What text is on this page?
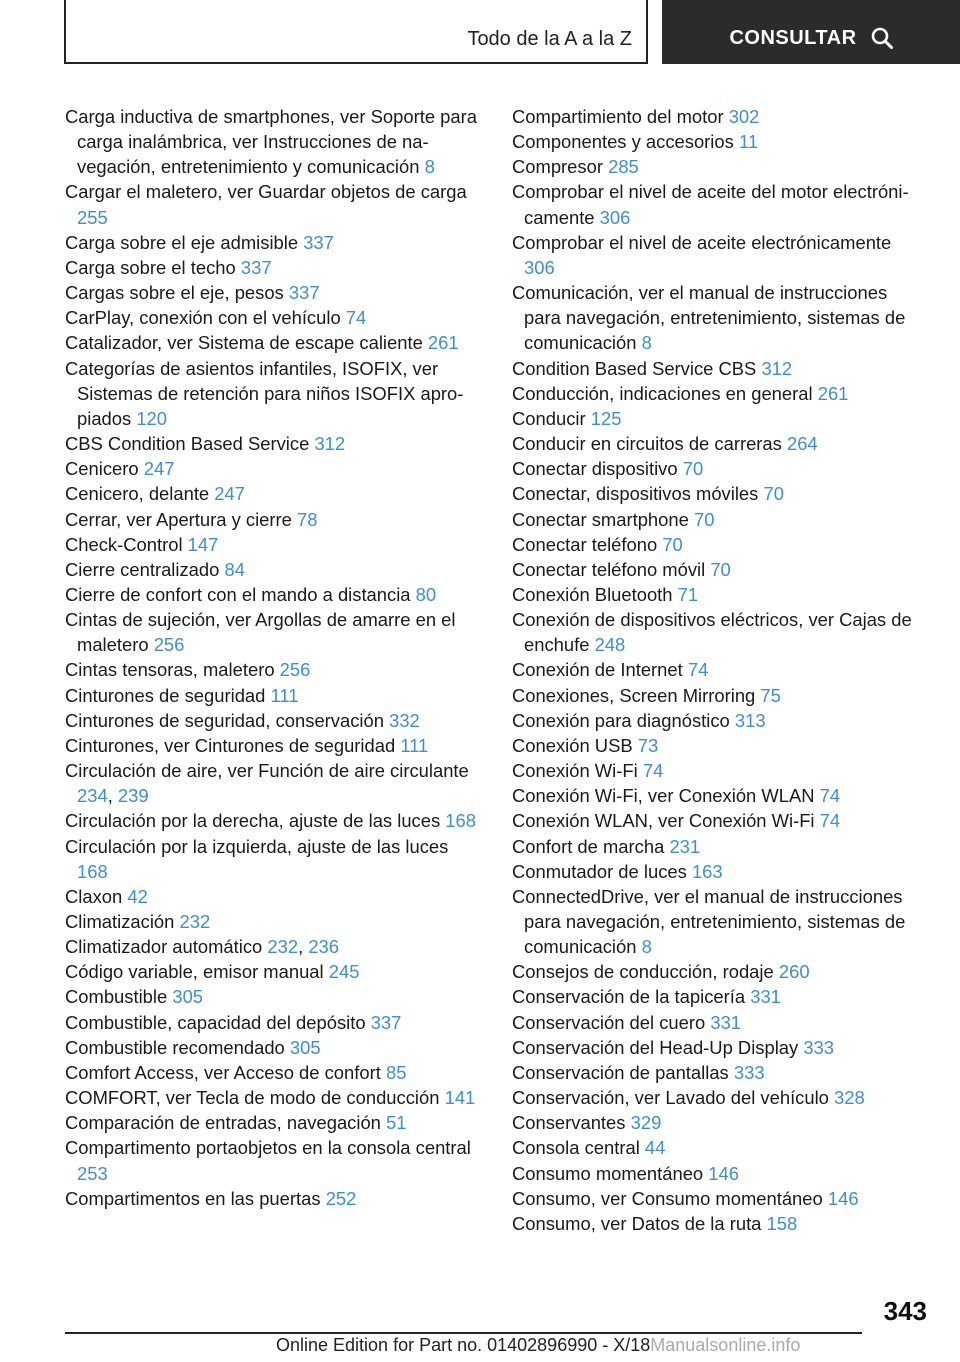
Todo de la A a la Z	CONSULTAR
Carga inductiva de smartphones, ver Soporte para carga inalámbrica, ver Instrucciones de navegación, entretenimiento y comunicación 8
Cargar el maletero, ver Guardar objetos de carga 255
Carga sobre el eje admisible 337
Carga sobre el techo 337
Cargas sobre el eje, pesos 337
CarPlay, conexión con el vehículo 74
Catalizador, ver Sistema de escape caliente 261
Categorías de asientos infantiles, ISOFIX, ver Sistemas de retención para niños ISOFIX apropiados 120
CBS Condition Based Service 312
Cenicero 247
Cenicero, delante 247
Cerrar, ver Apertura y cierre 78
Check-Control 147
Cierre centralizado 84
Cierre de confort con el mando a distancia 80
Cintas de sujeción, ver Argollas de amarre en el maletero 256
Cintas tensoras, maletero 256
Cinturones de seguridad 111
Cinturones de seguridad, conservación 332
Cinturones, ver Cinturones de seguridad 111
Circulación de aire, ver Función de aire circulante 234, 239
Circulación por la derecha, ajuste de las luces 168
Circulación por la izquierda, ajuste de las luces 168
Claxon 42
Climatización 232
Climatizador automático 232, 236
Código variable, emisor manual 245
Combustible 305
Combustible, capacidad del depósito 337
Combustible recomendado 305
Comfort Access, ver Acceso de confort 85
COMFORT, ver Tecla de modo de conducción 141
Comparación de entradas, navegación 51
Compartimento portaobjetos en la consola central 253
Compartimentos en las puertas 252
Compartimiento del motor 302
Componentes y accesorios 11
Compresor 285
Comprobar el nivel de aceite del motor electrónicamente 306
Comprobar el nivel de aceite electrónicamente 306
Comunicación, ver el manual de instrucciones para navegación, entretenimiento, sistemas de comunicación 8
Condition Based Service CBS 312
Conducción, indicaciones en general 261
Conducir 125
Conducir en circuitos de carreras 264
Conectar dispositivo 70
Conectar, dispositivos móviles 70
Conectar smartphone 70
Conectar teléfono 70
Conectar teléfono móvil 70
Conexión Bluetooth 71
Conexión de dispositivos eléctricos, ver Cajas de enchufe 248
Conexión de Internet 74
Conexiones, Screen Mirroring 75
Conexión para diagnóstico 313
Conexión USB 73
Conexión Wi-Fi 74
Conexión Wi-Fi, ver Conexión WLAN 74
Conexión WLAN, ver Conexión Wi-Fi 74
Confort de marcha 231
Conmutador de luces 163
ConnectedDrive, ver el manual de instrucciones para navegación, entretenimiento, sistemas de comunicación 8
Consejos de conducción, rodaje 260
Conservación de la tapicería 331
Conservación del cuero 331
Conservación del Head-Up Display 333
Conservación de pantallas 333
Conservación, ver Lavado del vehículo 328
Conservantes 329
Consola central 44
Consumo momentáneo 146
Consumo, ver Consumo momentáneo 146
Consumo, ver Datos de la ruta 158
343
Online Edition for Part no. 01402896990 - X/18Manualsonline.info
